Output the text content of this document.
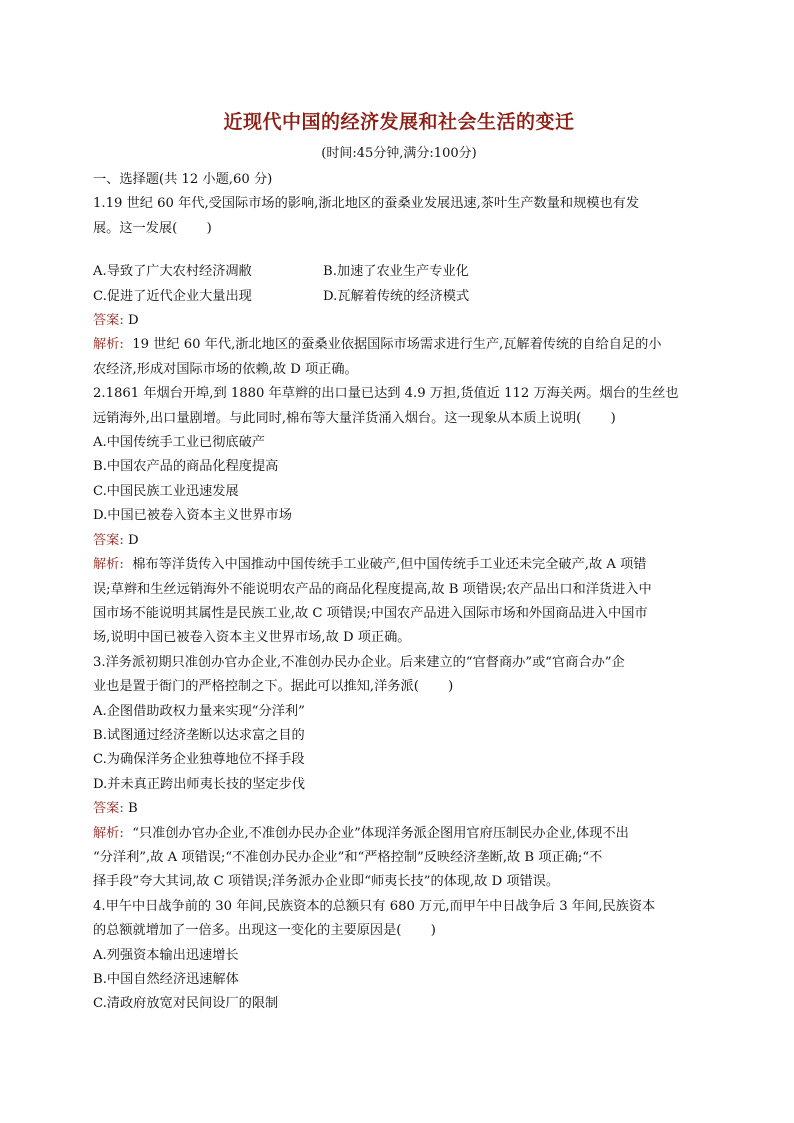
近现代中国的经济发展和社会生活的变迁

(时间:45分钟,满分:100分)

一、选择题(共 12 小题,60 分)

1.19 世纪 60 年代,受国际市场的影响,浙北地区的蚕桑业发展迅速,茶叶生产数量和规模也有发

展。这一发展(       )

A.导致了广大农村经济凋敝	B.加速了农业生产专业化
C.促进了近代企业大量出现	D.瓦解着传统的经济模式

答案: D

解析:  19 世纪 60 年代,浙北地区的蚕桑业依据国际市场需求进行生产,瓦解着传统的自给自足的小

农经济,形成对国际市场的依赖,故 D 项正确。

2.1861 年烟台开埠,到 1880 年草辫的出口量已达到 4.9 万担,货值近 112 万海关两。烟台的生丝也

远销海外,出口量剧增。与此同时,棉布等大量洋货涌入烟台。这一现象从本质上说明(       )

A.中国传统手工业已彻底破产

B.中国农产品的商品化程度提高

C.中国民族工业迅速发展

D.中国已被卷入资本主义世界市场

答案: D

解析:  棉布等洋货传入中国推动中国传统手工业破产,但中国传统手工业还未完全破产,故 A 项错

误;草辫和生丝远销海外不能说明农产品的商品化程度提高,故 B 项错误;农产品出口和洋货进入中

国市场不能说明其属性是民族工业,故 C 项错误;中国农产品进入国际市场和外国商品进入中国市

场,说明中国已被卷入资本主义世界市场,故 D 项正确。

3.洋务派初期只准创办官办企业,不准创办民办企业。后来建立的“官督商办”或“官商合办”企

业也是置于衙门的严格控制之下。据此可以推知,洋务派(       )

A.企图借助政权力量来实现“分洋利”

B.试图通过经济垄断以达求富之目的

C.为确保洋务企业独尊地位不择手段

D.并未真正跨出师夷长技的坚定步伐

答案: B

解析:  “只准创办官办企业,不准创办民办企业”体现洋务派企图用官府压制民办企业,体现不出

“分洋利”,故 A 项错误;“不准创办民办企业”和“严格控制”反映经济垄断,故 B 项正确;“不

择手段”夸大其词,故 C 项错误;洋务派办企业即“师夷长技”的体现,故 D 项错误。

4.甲午中日战争前的 30 年间,民族资本的总额只有 680 万元,而甲午中日战争后 3 年间,民族资本

的总额就增加了一倍多。出现这一变化的主要原因是(       )

A.列强资本输出迅速增长

B.中国自然经济迅速解体

C.清政府放宽对民间设厂的限制
